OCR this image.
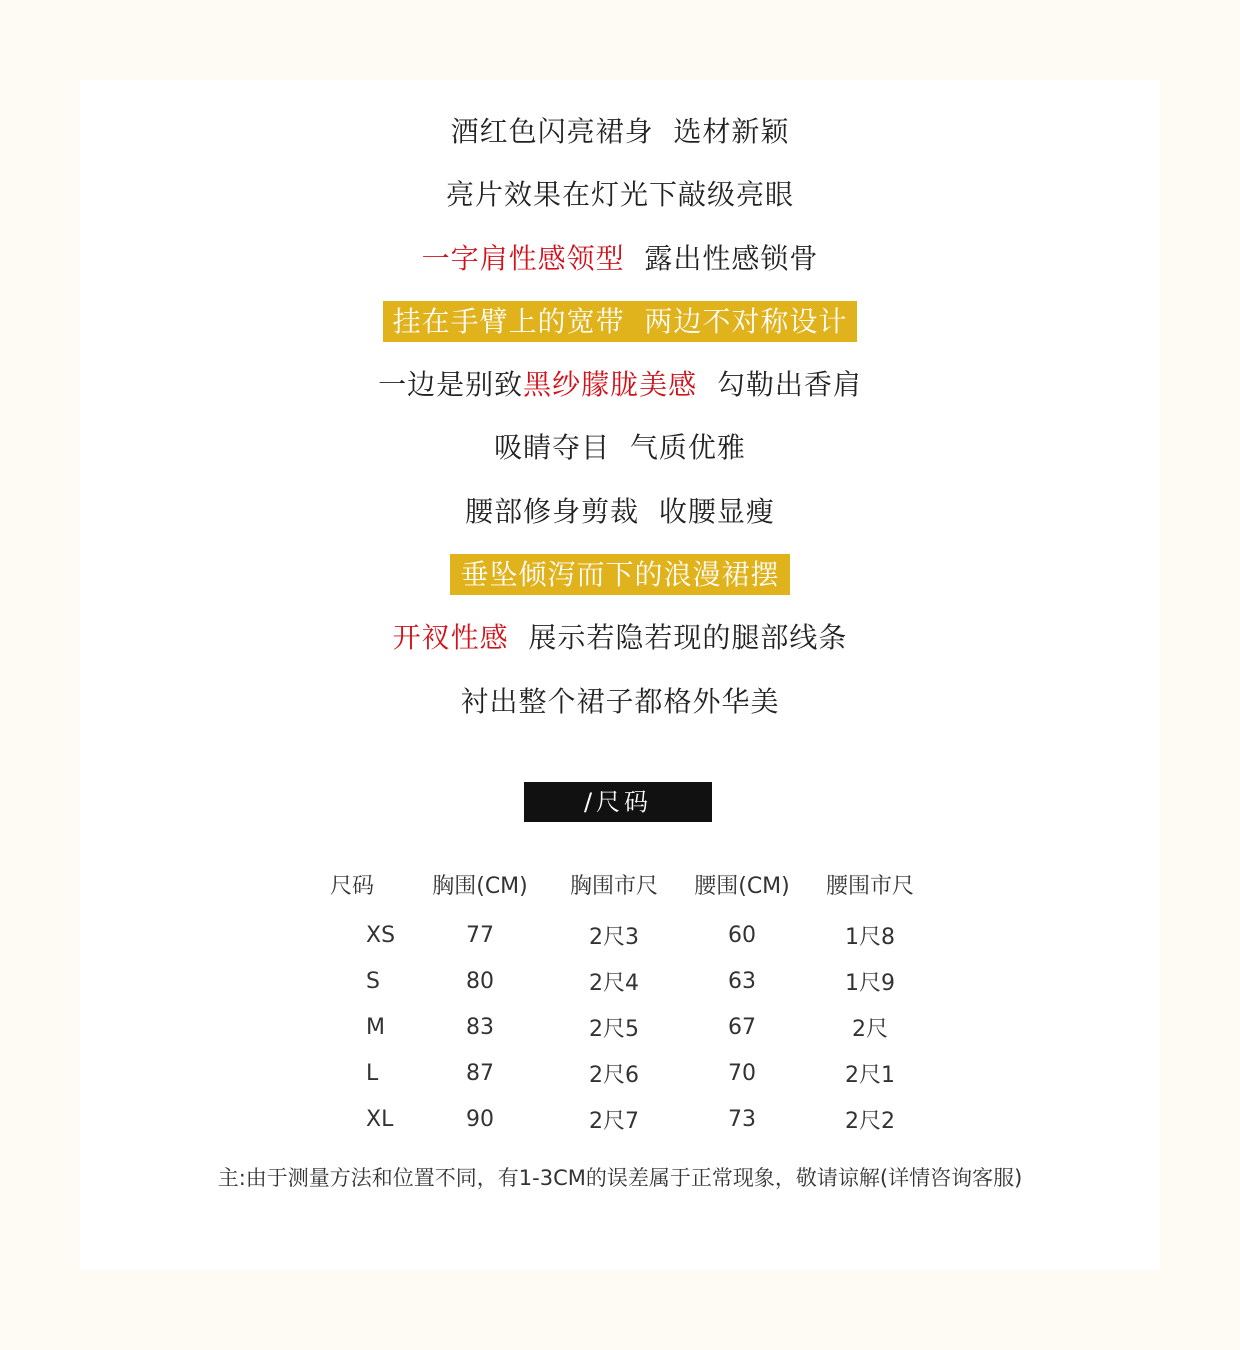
酒红色闪亮裙身  选材新颖
亮片效果在灯光下敲级亮眼
一字肩性感领型  露出性感锁骨
挂在手臂上的宽带  两边不对称设计
一边是别致黑纱朦胧美感  勾勒出香肩
吸睛夺目  气质优雅
腰部修身剪裁  收腰显瘦
垂坠倾泻而下的浪漫裙摆
开衩性感  展示若隐若现的腿部线条
衬出整个裙子都格外华美
/尺码
尺码	胸围(CM)	胸围市尺	腰围(CM)	腰围市尺
XS	77	2尺3	60	1尺8
S	80	2尺4	63	1尺9
M	83	2尺5	67	2尺
L	87	2尺6	70	2尺1
XL	90	2尺7	73	2尺2
主:由于测量方法和位置不同，有1-3CM的误差属于正常现象，敬请谅解(详情咨询客服)
